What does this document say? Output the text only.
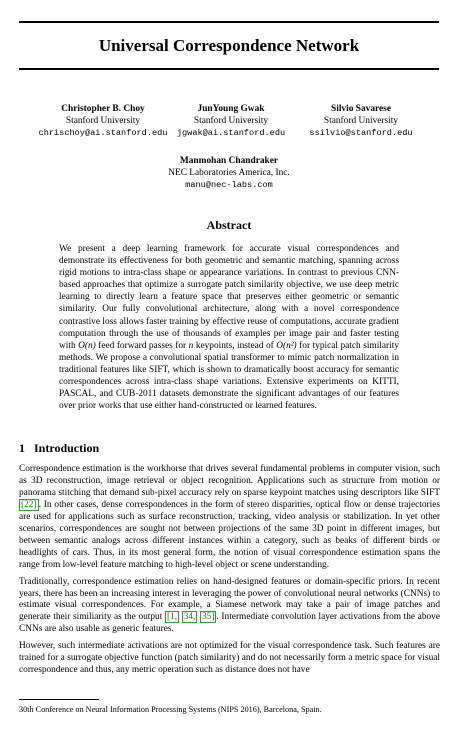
Universal Correspondence Network
Christopher B. Choy
Stanford University
chrischoy@ai.stanford.edu
JunYoung Gwak
Stanford University
jgwak@ai.stanford.edu
Silvio Savarese
Stanford University
ssilvio@stanford.edu
Manmohan Chandraker
NEC Laboratories America, Inc.
manu@nec-labs.com
Abstract

We present a deep learning framework for accurate visual correspondences and demonstrate its effectiveness for both geometric and semantic matching, spanning across rigid motions to intra-class shape or appearance variations. In contrast to previous CNN-based approaches that optimize a surrogate patch similarity objective, we use deep metric learning to directly learn a feature space that preserves either geometric or semantic similarity. Our fully convolutional architecture, along with a novel correspondence contrastive loss allows faster training by effective reuse of computations, accurate gradient computation through the use of thousands of examples per image pair and faster testing with O(n) feed forward passes for n keypoints, instead of O(n²) for typical patch similarity methods. We propose a convolutional spatial transformer to mimic patch normalization in traditional features like SIFT, which is shown to dramatically boost accuracy for semantic correspondences across intra-class shape variations. Extensive experiments on KITTI, PASCAL, and CUB-2011 datasets demonstrate the significant advantages of our features over prior works that use either hand-constructed or learned features.

1 Introduction

Correspondence estimation is the workhorse that drives several fundamental problems in computer vision, such as 3D reconstruction, image retrieval or object recognition. Applications such as structure from motion or panorama stitching that demand sub-pixel accuracy rely on sparse keypoint matches using descriptors like SIFT [22] . In other cases, dense correspondences in the form of stereo disparities, optical flow or dense trajectories are used for applications such as surface reconstruction, tracking, video analysis or stabilization. In yet other scenarios, correspondences are sought not between projections of the same 3D point in different images, but between semantic analogs across different instances within a category, such as beaks of different birds or headlights of cars. Thus, in its most general form, the notion of visual correspondence estimation spans the range from low-level feature matching to high-level object or scene understanding.

Traditionally, correspondence estimation relies on hand-designed features or domain-specific priors. In recent years, there has been an increasing interest in leveraging the power of convolutional neural networks (CNNs) to estimate visual correspondences. For example, a Siamese network may take a pair of image patches and generate their similiarity as the output [1, 34, 35] . Intermediate convolution layer activations from the above CNNs are also usable as generic features.

However, such intermediate activations are not optimized for the visual correspondence task. Such features are trained for a surrogate objective function (patch similarity) and do not necessarily form a metric space for visual correspondence and thus, any metric operation such as distance does not have

30th Conference on Neural Information Processing Systems (NIPS 2016), Barcelona, Spain.
